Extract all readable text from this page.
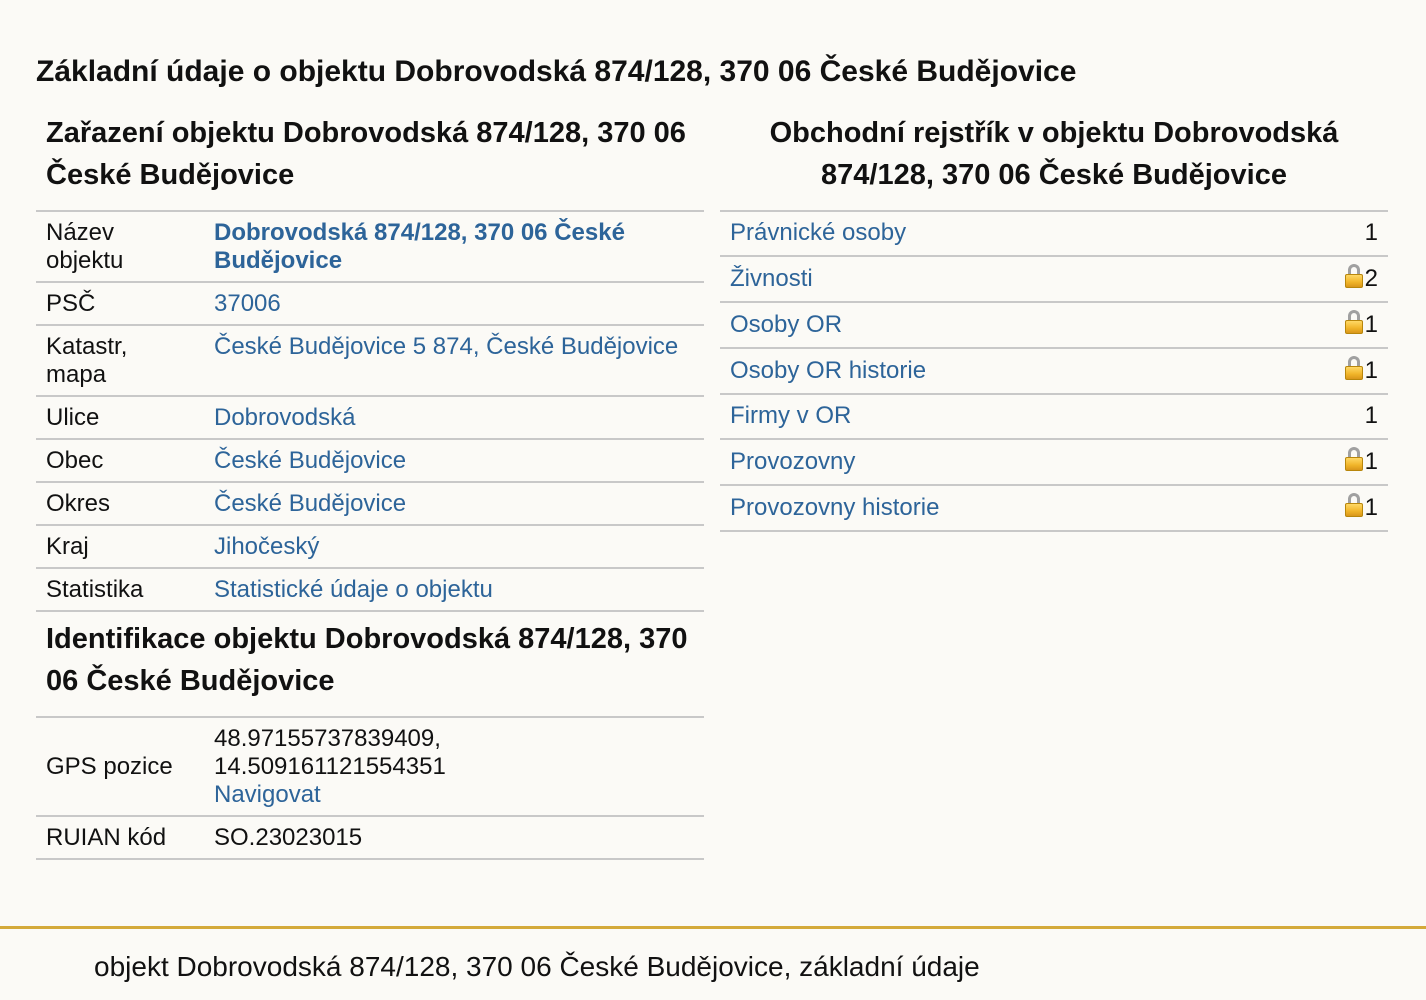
Základní údaje o objektu Dobrovodská 874/128, 370 06 České Budějovice
Zařazení objektu Dobrovodská 874/128, 370 06 České Budějovice
Název objektu	Dobrovodská 874/128, 370 06 České Budějovice
PSČ	37006
Katastr, mapa	České Budějovice 5 874, České Budějovice
Ulice	Dobrovodská
Obec	České Budějovice
Okres	České Budějovice
Kraj	Jihočeský
Statistika	Statistické údaje o objektu
Identifikace objektu Dobrovodská 874/128, 370 06 České Budějovice
GPS pozice	48.97155737839409,
14.509161121554351
Navigovat
RUIAN kód	SO.23023015
Obchodní rejstřík v objektu Dobrovodská 874/128, 370 06 České Budějovice
Právnické osoby	1
Živnosti	2
Osoby OR	1
Osoby OR historie	1
Firmy v OR	1
Provozovny	1
Provozovny historie	1
objekt Dobrovodská 874/128, 370 06 České Budějovice, základní údaje
